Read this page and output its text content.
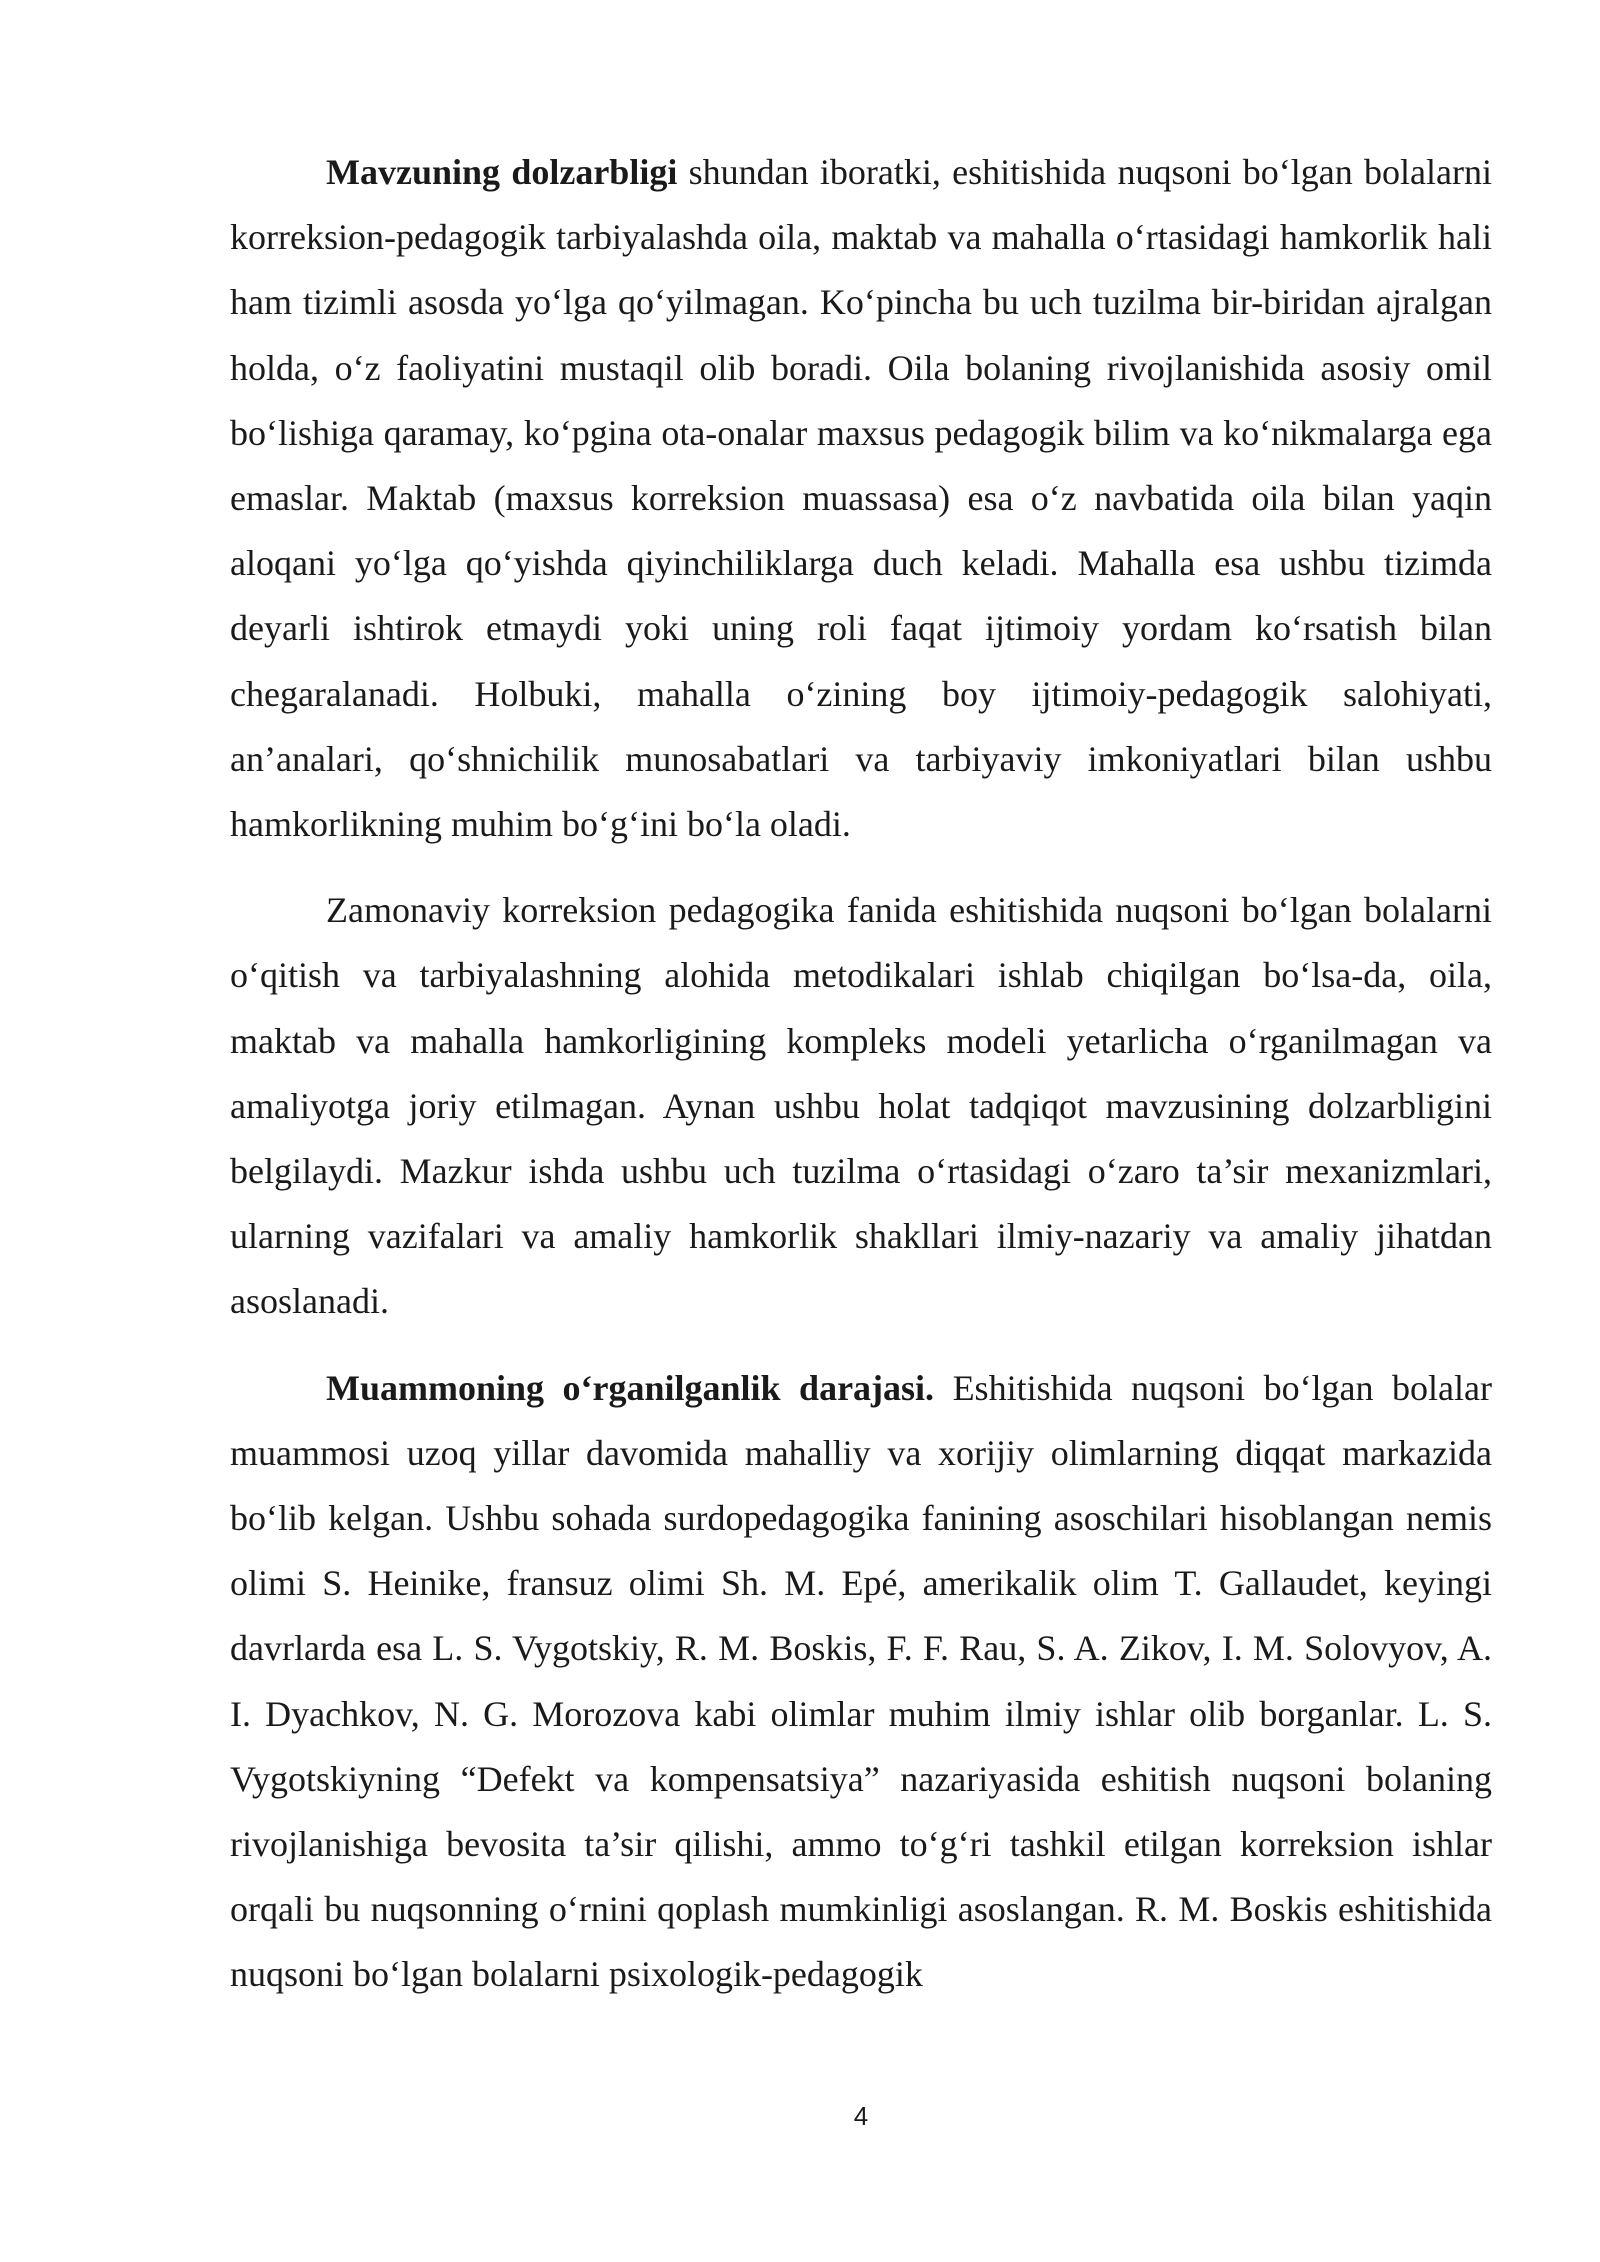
Mavzuning dolzarbligi shundan iboratki, eshitishida nuqsoni bo‘lgan bolalarni korreksion-pedagogik tarbiyalashda oila, maktab va mahalla o‘rtasidagi hamkorlik hali ham tizimli asosda yo‘lga qo‘yilmagan. Ko‘pincha bu uch tuzilma bir-biridan ajralgan holda, o‘z faoliyatini mustaqil olib boradi. Oila bolaning rivojlanishida asosiy omil bo‘lishiga qaramay, ko‘pgina ota-onalar maxsus pedagogik bilim va ko‘nikmalarga ega emaslar. Maktab (maxsus korreksion muassasa) esa o‘z navbatida oila bilan yaqin aloqani yo‘lga qo‘yishda qiyinchiliklarga duch keladi. Mahalla esa ushbu tizimda deyarli ishtirok etmaydi yoki uning roli faqat ijtimoiy yordam ko‘rsatish bilan chegaralanadi. Holbuki, mahalla o‘zining boy ijtimoiy-pedagogik salohiyati, an’analari, qo‘shnichilik munosabatlari va tarbiyaviy imkoniyatlari bilan ushbu hamkorlikning muhim bo‘g‘ini bo‘la oladi.

Zamonaviy korreksion pedagogika fanida eshitishida nuqsoni bo‘lgan bolalarni o‘qitish va tarbiyalashning alohida metodikalari ishlab chiqilgan bo‘lsa-da, oila, maktab va mahalla hamkorligining kompleks modeli yetarlicha o‘rganilmagan va amaliyotga joriy etilmagan. Aynan ushbu holat tadqiqot mavzusining dolzarbligini belgilaydi. Mazkur ishda ushbu uch tuzilma o‘rtasidagi o‘zaro ta’sir mexanizmlari, ularning vazifalari va amaliy hamkorlik shakllari ilmiy-nazariy va amaliy jihatdan asoslanadi.

Muammoning o‘rganilganlik darajasi. Eshitishida nuqsoni bo‘lgan bolalar muammosi uzoq yillar davomida mahalliy va xorijiy olimlarning diqqat markazida bo‘lib kelgan. Ushbu sohada surdopedagogika fanining asoschilari hisoblangan nemis olimi S. Heinike, fransuz olimi Sh. M. Epé, amerikalik olim T. Gallaudet, keyingi davrlarda esa L. S. Vygotskiy, R. M. Boskis, F. F. Rau, S. A. Zikov, I. M. Solovyov, A. I. Dyachkov, N. G. Morozova kabi olimlar muhim ilmiy ishlar olib borganlar. L. S. Vygotskiyning “Defekt va kompensatsiya” nazariyasida eshitish nuqsoni bolaning rivojlanishiga bevosita ta’sir qilishi, ammo to‘g‘ri tashkil etilgan korreksion ishlar orqali bu nuqsonning o‘rnini qoplash mumkinligi asoslangan. R. M. Boskis eshitishida nuqsoni bo‘lgan bolalarni psixologik-pedagogik

4
